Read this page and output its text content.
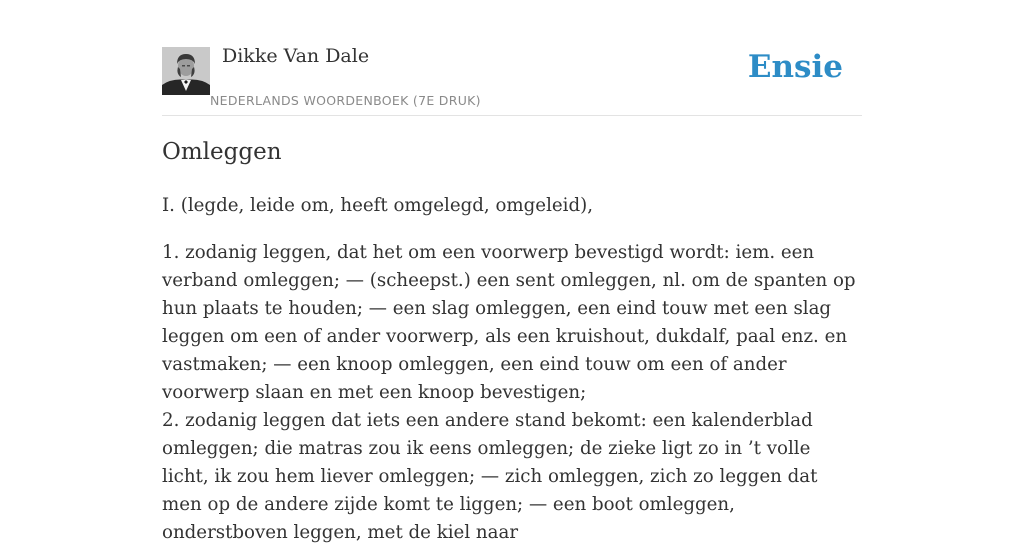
Dikke Van Dale
NEDERLANDS WOORDENBOEK (7E DRUK)
Ensie
Omleggen
I. (legde, leide om, heeft omgelegd, omgeleid),

1. zodanig leggen, dat het om een voorwerp bevestigd wordt: iem. een verband omleggen; — (scheepst.) een sent omleggen, nl. om de spanten op hun plaats te houden; — een slag omleggen, een eind touw met een slag leggen om een of ander voorwerp, als een kruishout, dukdalf, paal enz. en vastmaken; — een knoop omleggen, een eind touw om een of ander voorwerp slaan en met een knoop bevestigen;

2. zodanig leggen dat iets een andere stand bekomt: een kalenderblad omleggen; die matras zou ik eens omleggen; de zieke ligt zo in ’t volle licht, ik zou hem liever omleggen; — zich omleggen, zich zo leggen dat men op de andere zijde komt te liggen; — een boot omleggen, onderstboven leggen, met de kiel naar
